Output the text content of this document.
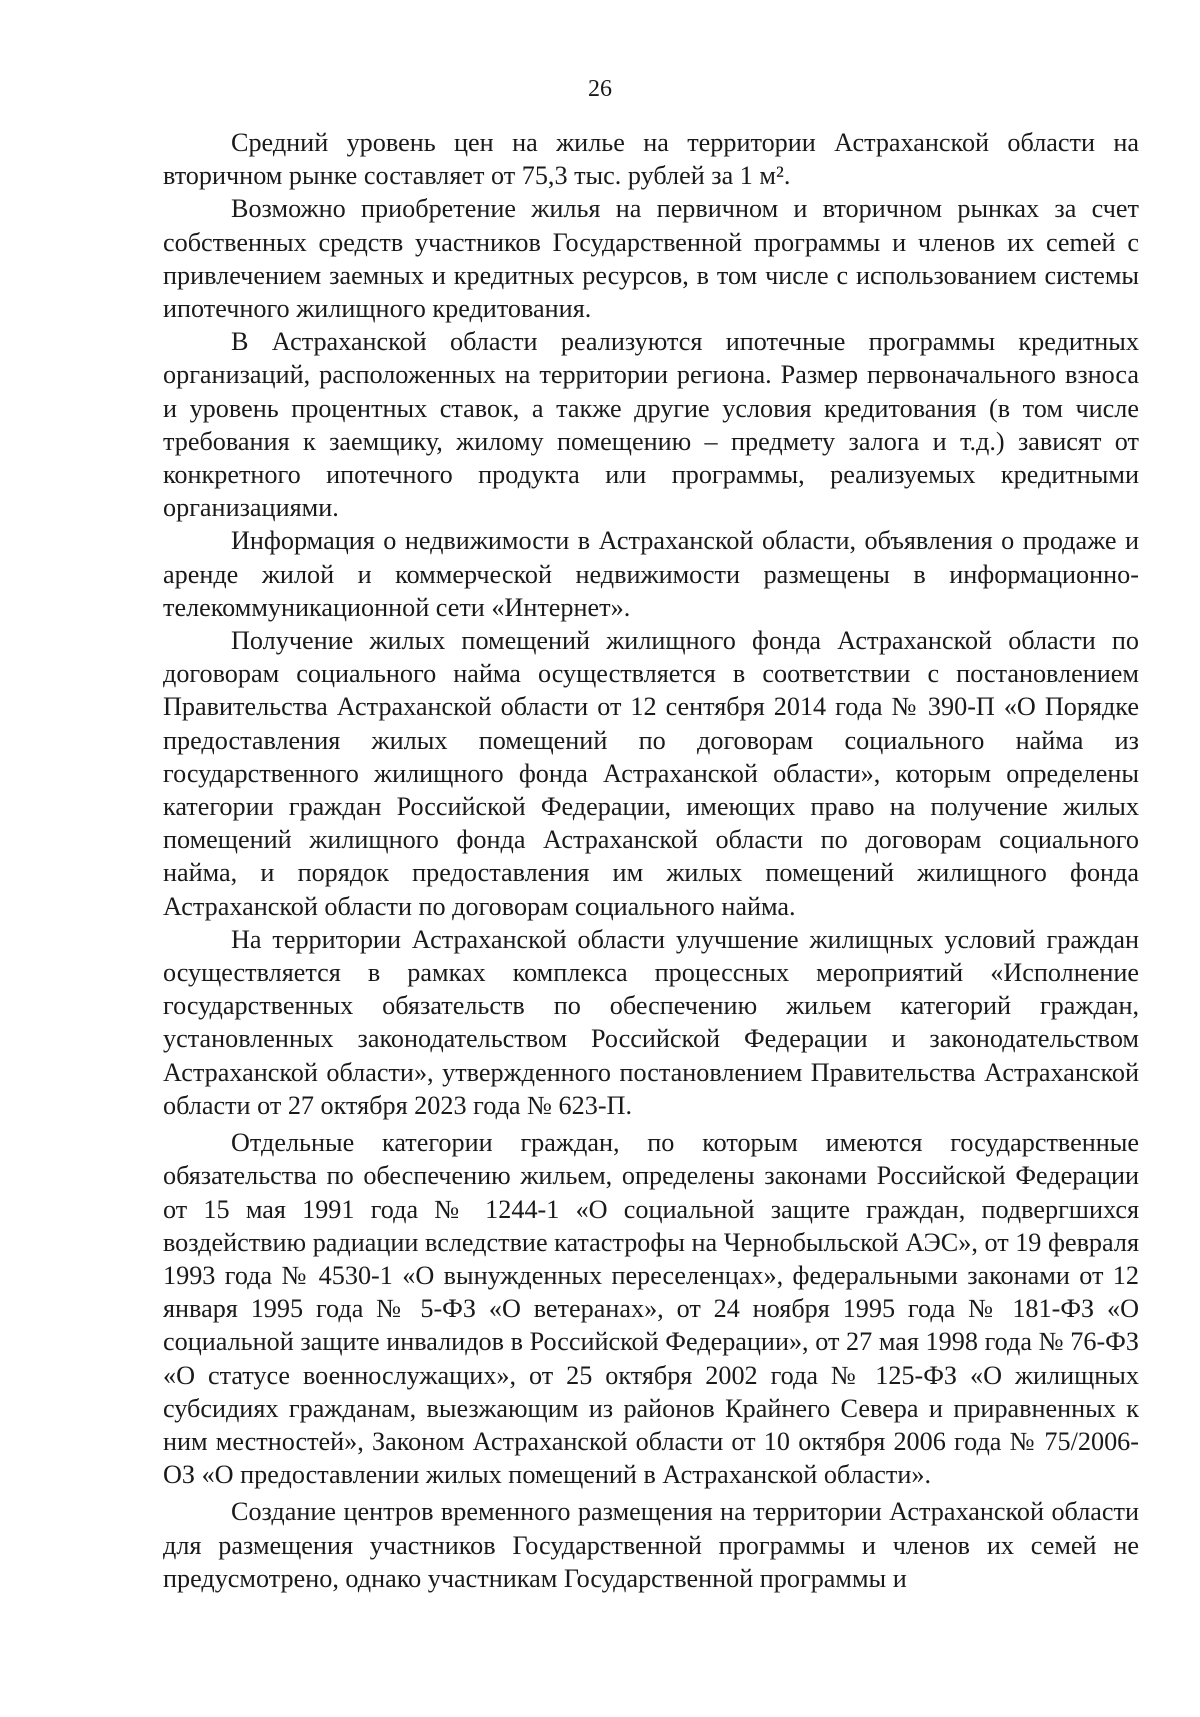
26

Средний уровень цен на жилье на территории Астраханской области на вторичном рынке составляет от 75,3 тыс. рублей за 1 м².

Возможно приобретение жилья на первичном и вторичном рынках за счет собственных средств участников Государственной программы и членов их сеmей с привлечением заемных и кредитных ресурсов, в том числе с использованием системы ипотечного жилищного кредитования.

В Астраханской области реализуются ипотечные программы кредитных организаций, расположенных на территории региона. Размер первоначального взноса и уровень процентных ставок, а также другие условия кредитования (в том числе требования к заемщику, жилому помещению – предмету залога и т.д.) зависят от конкретного ипотечного продукта или программы, реализуемых кредитными организациями.

Информация о недвижимости в Астраханской области, объявления о продаже и аренде жилой и коммерческой недвижимости размещены в информационно-телекоммуникационной сети «Интернет».

Получение жилых помещений жилищного фонда Астраханской области по договорам социального найма осуществляется в соответствии с постановлением Правительства Астраханской области от 12 сентября 2014 года № 390-П «О Порядке предоставления жилых помещений по договорам социального найма из государственного жилищного фонда Астраханской области», которым определены категории граждан Российской Федерации, имеющих право на получение жилых помещений жилищного фонда Астраханской области по договорам социального найма, и порядок предоставления им жилых помещений жилищного фонда Астраханской области по договорам социального найма.

На территории Астраханской области улучшение жилищных условий граждан осуществляется в рамках комплекса процессных мероприятий «Исполнение государственных обязательств по обеспечению жильем категорий граждан, установленных законодательством Российской Федерации и законодательством Астраханской области», утвержденного постановлением Правительства Астраханской области от 27 октября 2023 года № 623-П.

Отдельные категории граждан, по которым имеются государственные обязательства по обеспечению жильем, определены законами Российской Федерации от 15 мая 1991 года № 1244-1 «О социальной защите граждан, подвергшихся воздействию радиации вследствие катастрофы на Чернобыльской АЭС», от 19 февраля 1993 года № 4530-1 «О вынужденных переселенцах», федеральными законами от 12 января 1995 года № 5-ФЗ «О ветеранах», от 24 ноября 1995 года № 181-ФЗ «О социальной защите инвалидов в Российской Федерации», от 27 мая 1998 года № 76-ФЗ «О статусе военнослужащих», от 25 октября 2002 года № 125-ФЗ «О жилищных субсидиях гражданам, выезжающим из районов Крайнего Севера и приравненных к ним местностей», Законом Астраханской области от 10 октября 2006 года № 75/2006-ОЗ «О предоставлении жилых помещений в Астраханской области».

Создание центров временного размещения на территории Астраханской области для размещения участников Государственной программы и членов их семей не предусмотрено, однако участникам Государственной программы и
